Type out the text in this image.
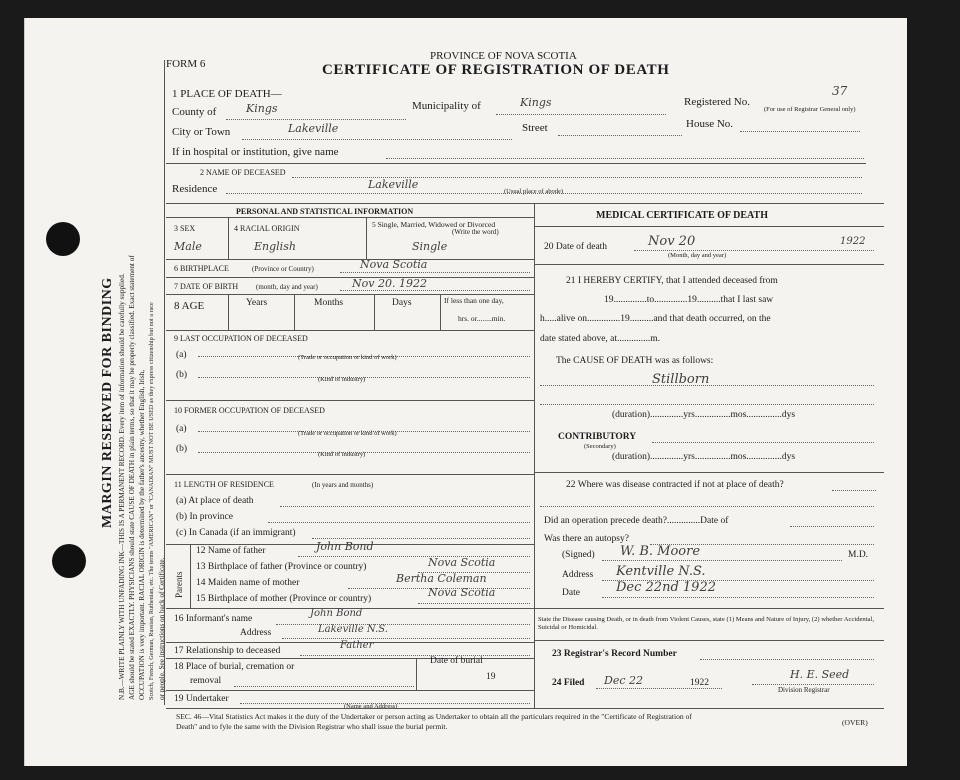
MARGIN RESERVED FOR BINDING N.B.—WRITE PLAINLY WITH UNFADING INK—THIS IS A PERMANENT RECORD. Every item of information should be carefully supplied. AGE should be stated EXACTLY. PHYSICIANS should state CAUSE OF DEATH in plain terms, so that it may be properly classified. Exact statement of OCCUPATION is very important. RACIAL ORIGIN is determined by the father's ancestry, whether English, Irish, Scotch, French, German, Russian, Ruthenian, etc. The terms "AMERICAN" or "CANADIAN" MUST NOT BE USED as they express citizenship but not a race or people. See instructions on back of Certificate.
FORM 6
PROVINCE OF NOVA SCOTIA
CERTIFICATE OF REGISTRATION OF DEATH
1 PLACE OF DEATH—
County of	Kings	Municipality of	Kings	Registered No.
37
(For use of Registrar General only)
City or Town	Lakeville	Street	House No.
If in hospital or institution, give name
2 NAME OF DECEASED
Residence	Lakeville
(Usual place of abode)
PERSONAL AND STATISTICAL INFORMATION
3 SEX
Male
4 RACIAL ORIGIN
English
5 Single, Married, Widowed or Divorced
(Write the word)
Single
6 BIRTHPLACE	(Province or Country)	Nova Scotia
7 DATE OF BIRTH	(month, day and year)	Nov 20. 1922
8 AGE	Years	Months	Days	If less than one day,
hrs. or........min.
9 LAST OCCUPATION OF DECEASED
(a)	(Trade or occupation or kind of work)
(b)	(Kind of industry)
10 FORMER OCCUPATION OF DECEASED
(a)	(Trade or occupation or kind of work)
(b)
(Kind of industry)
11 LENGTH OF RESIDENCE	(In years and months)
(a) At place of death
(b) In province
(c) In Canada (if an immigrant)
Parents
12 Name of father	John Bond
13 Birthplace of father (Province or country)	Nova Scotia
14 Maiden name of mother	Bertha Coleman
15 Birthplace of mother (Province or country)	Nova Scotia
16 Informant's name	John Bond
Address	Lakeville N.S.
17 Relationship to deceased	Father
18 Place of burial, cremation or
removal
Date of burial
19
19 Undertaker
(Name and Address)
MEDICAL CERTIFICATE OF DEATH
20 Date of death	Nov 20	1922
(Month, day and year)
21 I HEREBY CERTIFY, that I attended deceased from
19..............to..............19..........that I last saw
h.....alive on..............19..........and that death occurred, on the
date stated above, at..............m.
The CAUSE OF DEATH was as follows:
Stillborn
(duration)..............yrs...............mos...............dys
CONTRIBUTORY
(Secondary)
(duration)..............yrs...............mos...............dys
22 Where was disease contracted if not at place of death?
Did an operation precede death?..............Date of
Was there an autopsy?
(Signed) W. B. Moore	M.D.
Address Kentville N.S.
Date	Dec 22nd 1922
State the Disease causing Death, or in death from Violent Causes, state (1) Means and Nature of Injury, (2) whether Accidental, Suicidal or Homicidal.
23 Registrar's Record Number
24 Filed Dec 22	1922
H. E. Seed
Division Registrar
SEC. 46—Vital Statistics Act makes it the duty of the Undertaker or person acting as Undertaker to obtain all the particulars required in the "Certificate of Registration of
Death" and to fyle the same with the Division Registrar who shall issue the burial permit.	(OVER)
